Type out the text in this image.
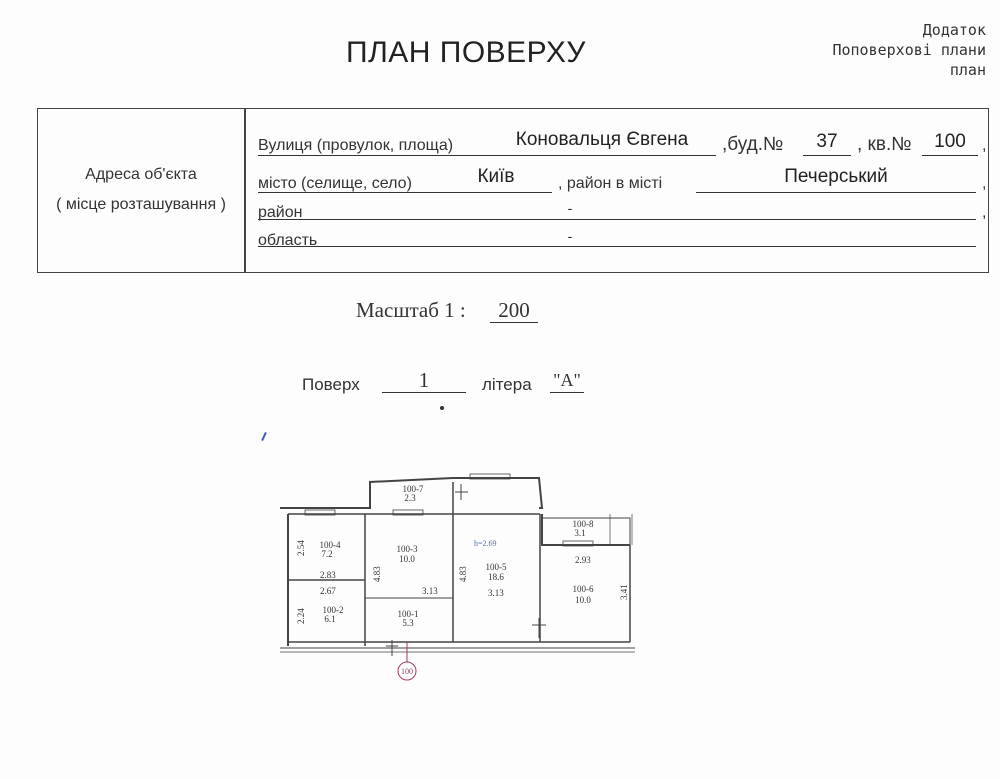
ПЛАН ПОВЕРХУ
Додаток
Поповерхові плани
план
Адреса об'єкта
( місце розташування )
Вулиця (провулок, площа)	Коновальця Євгена	,буд.№	37	, кв.№	100	,
місто (селище, село)	Київ	, район в місті	Печерський	,
район	-	,
область	-
Масштаб 1 :	200
Поверх	1	літера "А"
100
100-7
2.3
100-4
7.2	100-3
10.0
100-5
18.6
100-8
3.1
100-6
10.0
100-2
6.1	100-1
5.3
2.54
2.83
2.67
2.24
4.83
3.13
4.83
3.13
2.93
3.41
h=2.69
